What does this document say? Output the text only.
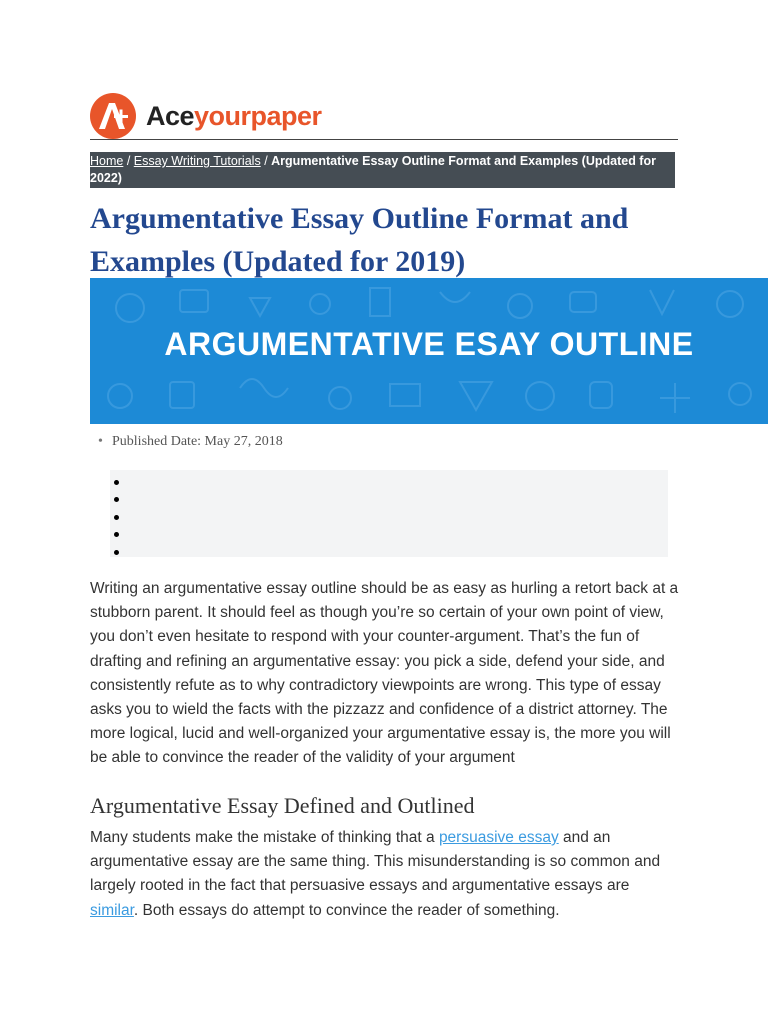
Aceyourpaper
Home / Essay Writing Tutorials / Argumentative Essay Outline Format and Examples (Updated for 2022)
Argumentative Essay Outline Format and Examples (Updated for 2019)
ARGUMENTATIVE ESAY OUTLINE
• Published Date: May 27, 2018

Writing an argumentative essay outline should be as easy as hurling a retort back at a stubborn parent. It should feel as though you’re so certain of your own point of view, you don’t even hesitate to respond with your counter-argument. That’s the fun of drafting and refining an argumentative essay: you pick a side, defend your side, and consistently refute as to why contradictory viewpoints are wrong. This type of essay asks you to wield the facts with the pizzazz and confidence of a district attorney. The more logical, lucid and well-organized your argumentative essay is, the more you will be able to convince the reader of the validity of your argument

Argumentative Essay Defined and Outlined

Many students make the mistake of thinking that a persuasive essay and an argumentative essay are the same thing. This misunderstanding is so common and largely rooted in the fact that persuasive essays and argumentative essays are similar. Both essays do attempt to convince the reader of something.
